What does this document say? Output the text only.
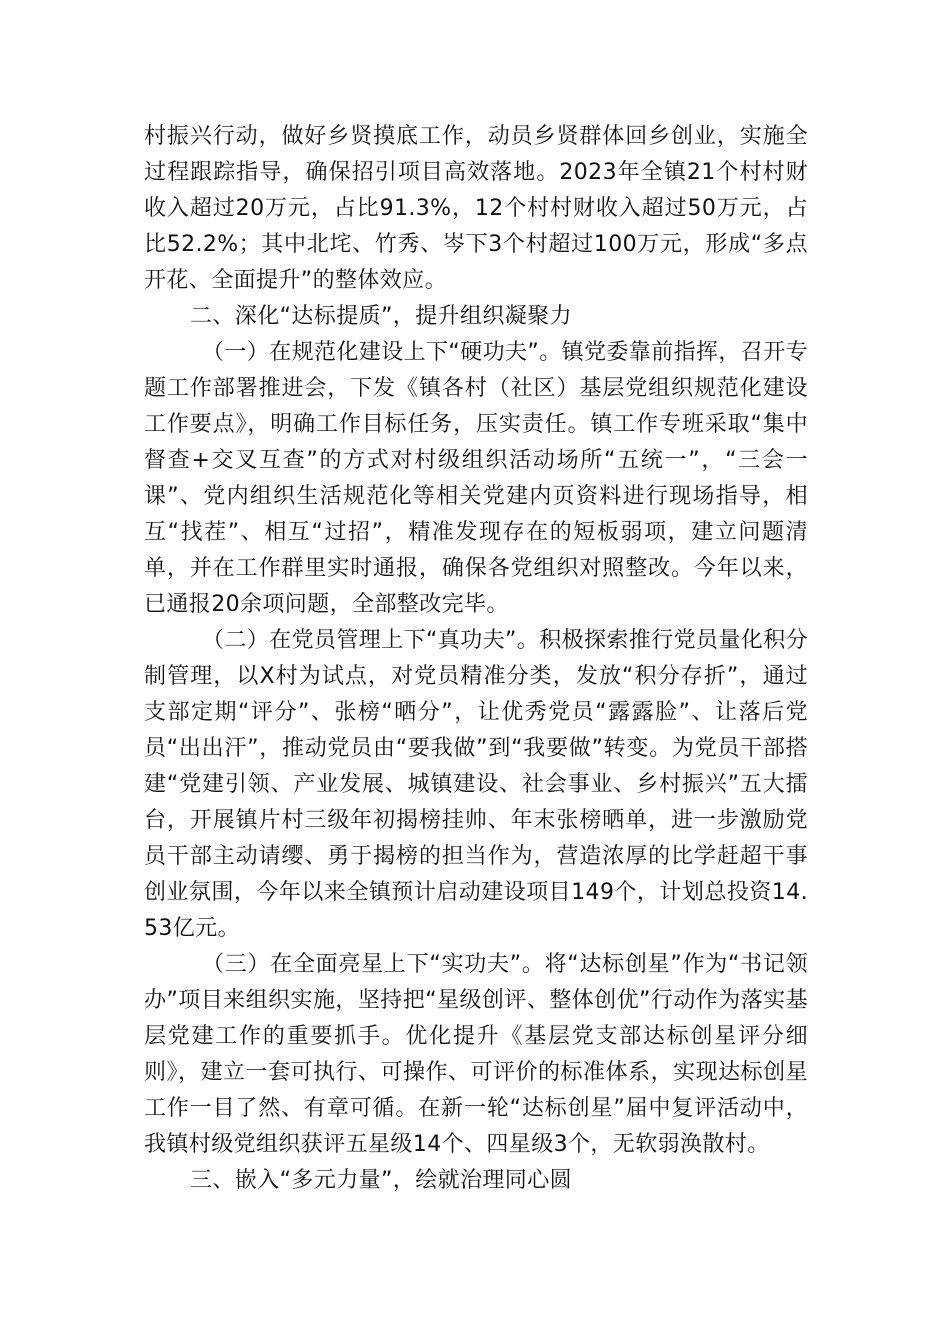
村振兴行动，做好乡贤摸底工作，动员乡贤群体回乡创业，实施全过程跟踪指导，确保招引项目高效落地。2023年全镇21个村村财收入超过20万元，占比91.3%，12个村村财收入超过50万元，占比52.2%；其中北垞、竹秀、岑下3个村超过100万元，形成“多点开花、全面提升”的整体效应。

二、深化“达标提质”，提升组织凝聚力

（一）在规范化建设上下“硬功夫”。镇党委靠前指挥，召开专题工作部署推进会，下发《镇各村（社区）基层党组织规范化建设工作要点》，明确工作目标任务，压实责任。镇工作专班采取“集中督查+交叉互查”的方式对村级组织活动场所“五统一”，“三会一课”、党内组织生活规范化等相关党建内页资料进行现场指导，相互“找茬”、相互“过招”，精准发现存在的短板弱项，建立问题清单，并在工作群里实时通报，确保各党组织对照整改。今年以来，已通报20余项问题，全部整改完毕。

（二）在党员管理上下“真功夫”。积极探索推行党员量化积分制管理，以X村为试点，对党员精准分类，发放“积分存折”，通过支部定期“评分”、张榜“晒分”，让优秀党员“露露脸”、让落后党员“出出汗”，推动党员由“要我做”到“我要做”转变。为党员干部搭建“党建引领、产业发展、城镇建设、社会事业、乡村振兴”五大擂台，开展镇片村三级年初揭榜挂帅、年末张榜晒单，进一步激励党员干部主动请缨、勇于揭榜的担当作为，营造浓厚的比学赶超干事创业氛围，今年以来全镇预计启动建设项目149个，计划总投资14.53亿元。

（三）在全面亮星上下“实功夫”。将“达标创星”作为“书记领办”项目来组织实施，坚持把“星级创评、整体创优”行动作为落实基层党建工作的重要抓手。优化提升《基层党支部达标创星评分细则》，建立一套可执行、可操作、可评价的标准体系，实现达标创星工作一目了然、有章可循。在新一轮“达标创星”届中复评活动中，我镇村级党组织获评五星级14个、四星级3个，无软弱涣散村。

三、嵌入“多元力量”，绘就治理同心圆
